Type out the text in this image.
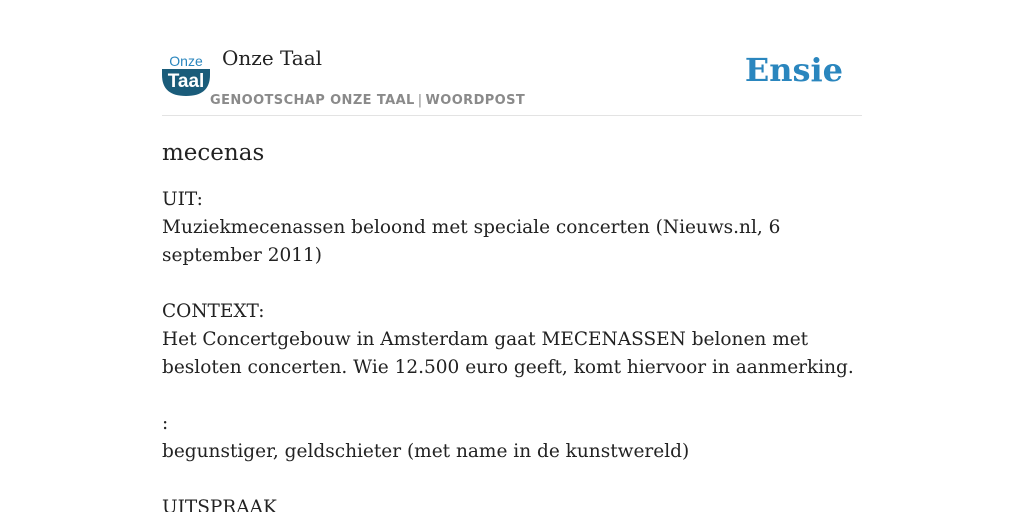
Onze
Taal
Onze Taal
GENOOTSCHAP ONZE TAAL | WOORDPOST
Ensie
mecenas
UIT:
Muziekmecenassen beloond met speciale concerten (Nieuws.nl, 6 september 2011)
CONTEXT:
Het Concertgebouw in Amsterdam gaat MECENASSEN belonen met besloten concerten. Wie 12.500 euro geeft, komt hiervoor in aanmerking.
:
begunstiger, geldschieter (met name in de kunstwereld)
UITSPRAAK
